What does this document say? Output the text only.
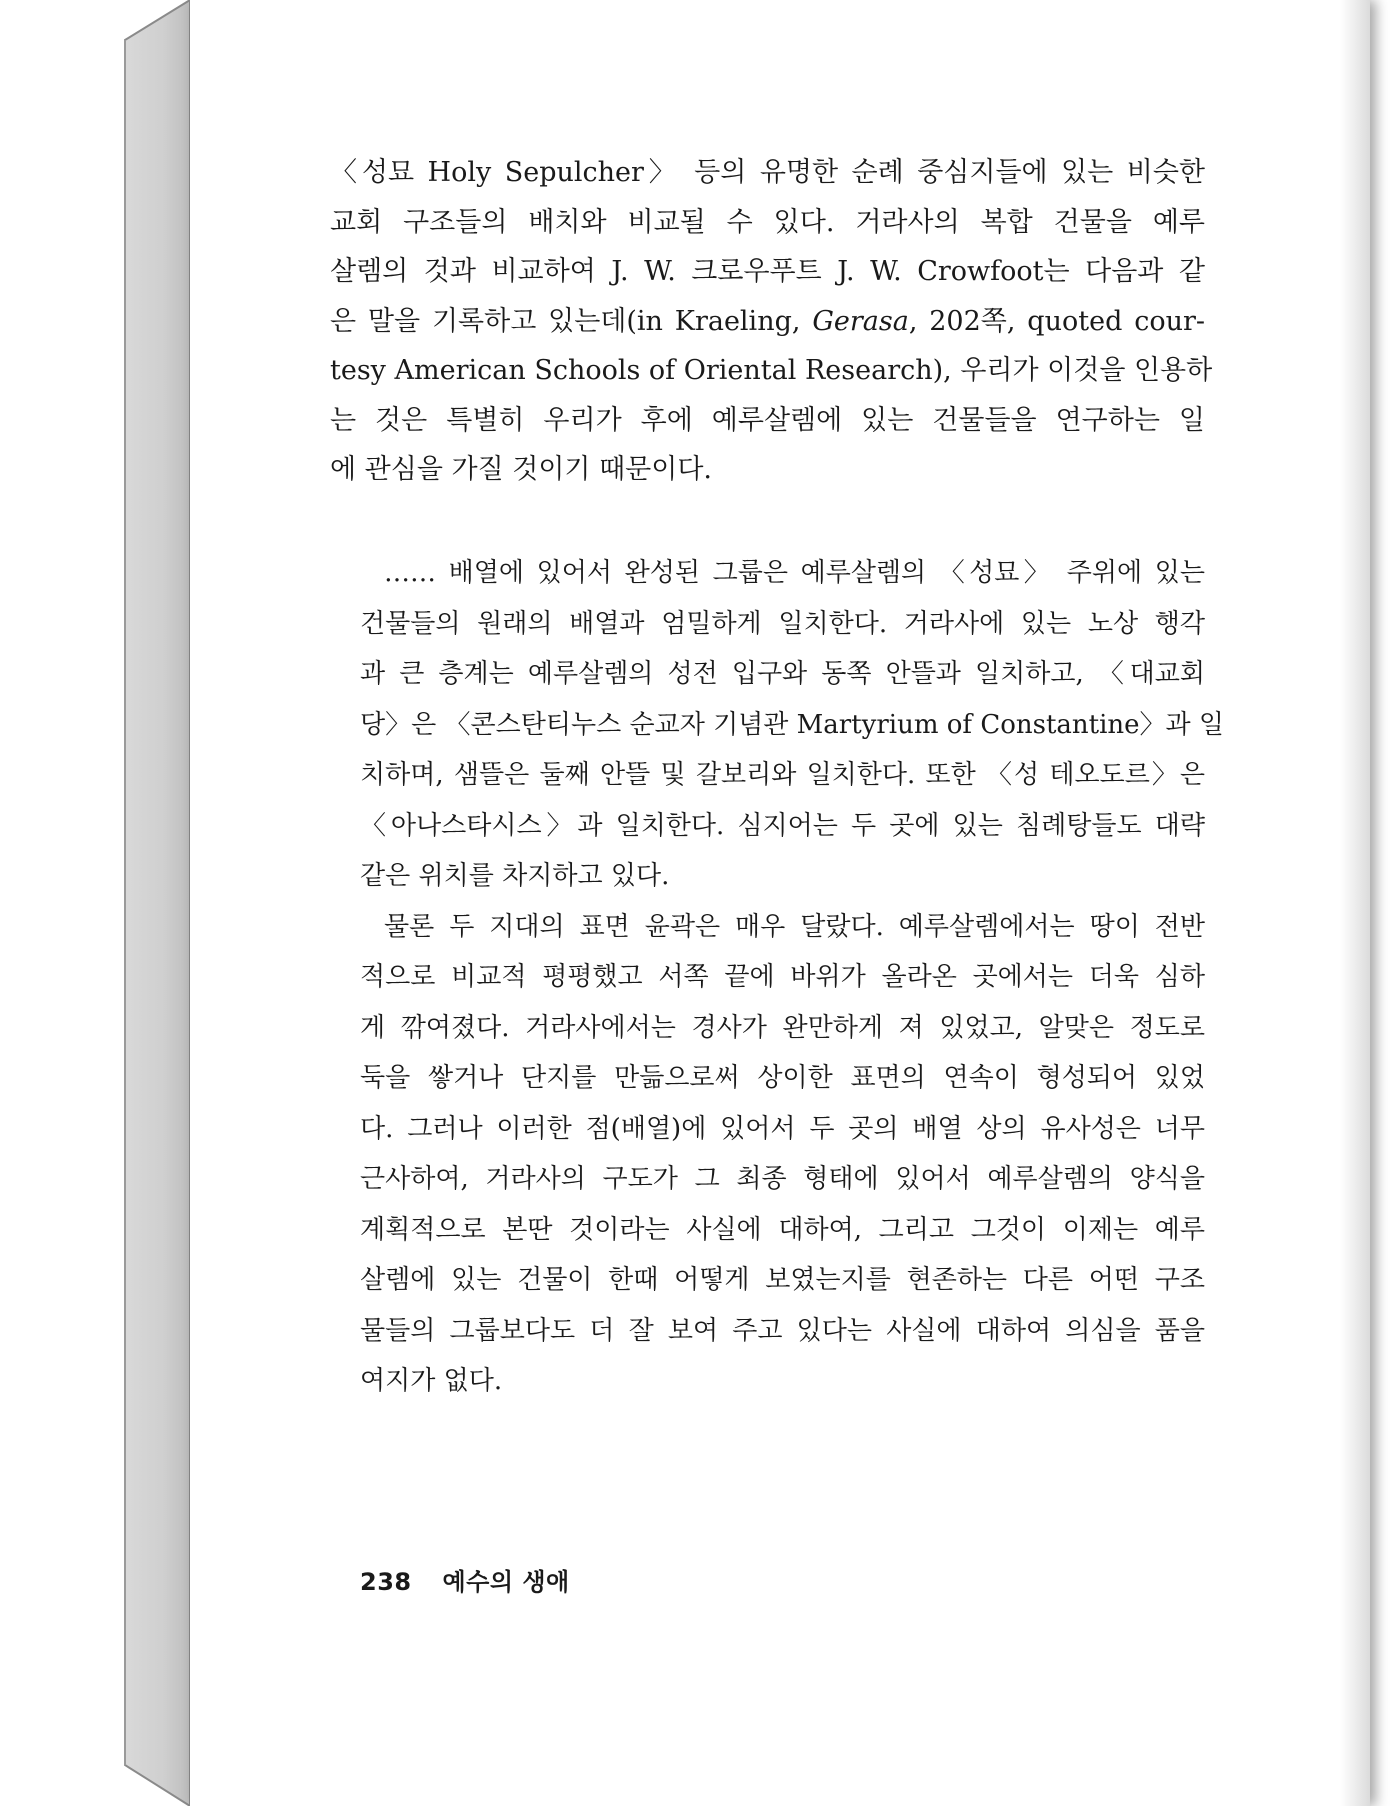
〈성묘 Holy Sepulcher〉 등의 유명한 순례 중심지들에 있는 비슷한
교회 구조들의 배치와 비교될 수 있다. 거라사의 복합 건물을 예루
살렘의 것과 비교하여 J. W. 크로우푸트 J. W. Crowfoot는 다음과 같
은 말을 기록하고 있는데(in Kraeling, Gerasa, 202쪽, quoted cour-
tesy American Schools of Oriental Research), 우리가 이것을 인용하
는 것은 특별히 우리가 후에 예루살렘에 있는 건물들을 연구하는 일
에 관심을 가질 것이기 때문이다.

…… 배열에 있어서 완성된 그룹은 예루살렘의 〈성묘〉 주위에 있는

건물들의 원래의 배열과 엄밀하게 일치한다. 거라사에 있는 노상 행각
과 큰 층계는 예루살렘의 성전 입구와 동쪽 안뜰과 일치하고, 〈대교회
당〉은 〈콘스탄티누스 순교자 기념관 Martyrium of Constantine〉과 일
치하며, 샘뜰은 둘째 안뜰 및 갈보리와 일치한다. 또한 〈성 테오도르〉은
〈아나스타시스〉과 일치한다. 심지어는 두 곳에 있는 침례탕들도 대략
같은 위치를 차지하고 있다.

물론 두 지대의 표면 윤곽은 매우 달랐다. 예루살렘에서는 땅이 전반

적으로 비교적 평평했고 서쪽 끝에 바위가 올라온 곳에서는 더욱 심하
게 깎여졌다. 거라사에서는 경사가 완만하게 져 있었고, 알맞은 정도로
둑을 쌓거나 단지를 만듦으로써 상이한 표면의 연속이 형성되어 있었
다. 그러나 이러한 점(배열)에 있어서 두 곳의 배열 상의 유사성은 너무
근사하여, 거라사의 구도가 그 최종 형태에 있어서 예루살렘의 양식을
계획적으로 본딴 것이라는 사실에 대하여, 그리고 그것이 이제는 예루
살렘에 있는 건물이 한때 어떻게 보였는지를 현존하는 다른 어떤 구조
물들의 그룹보다도 더 잘 보여 주고 있다는 사실에 대하여 의심을 품을
여지가 없다.

238 예수의 생애
